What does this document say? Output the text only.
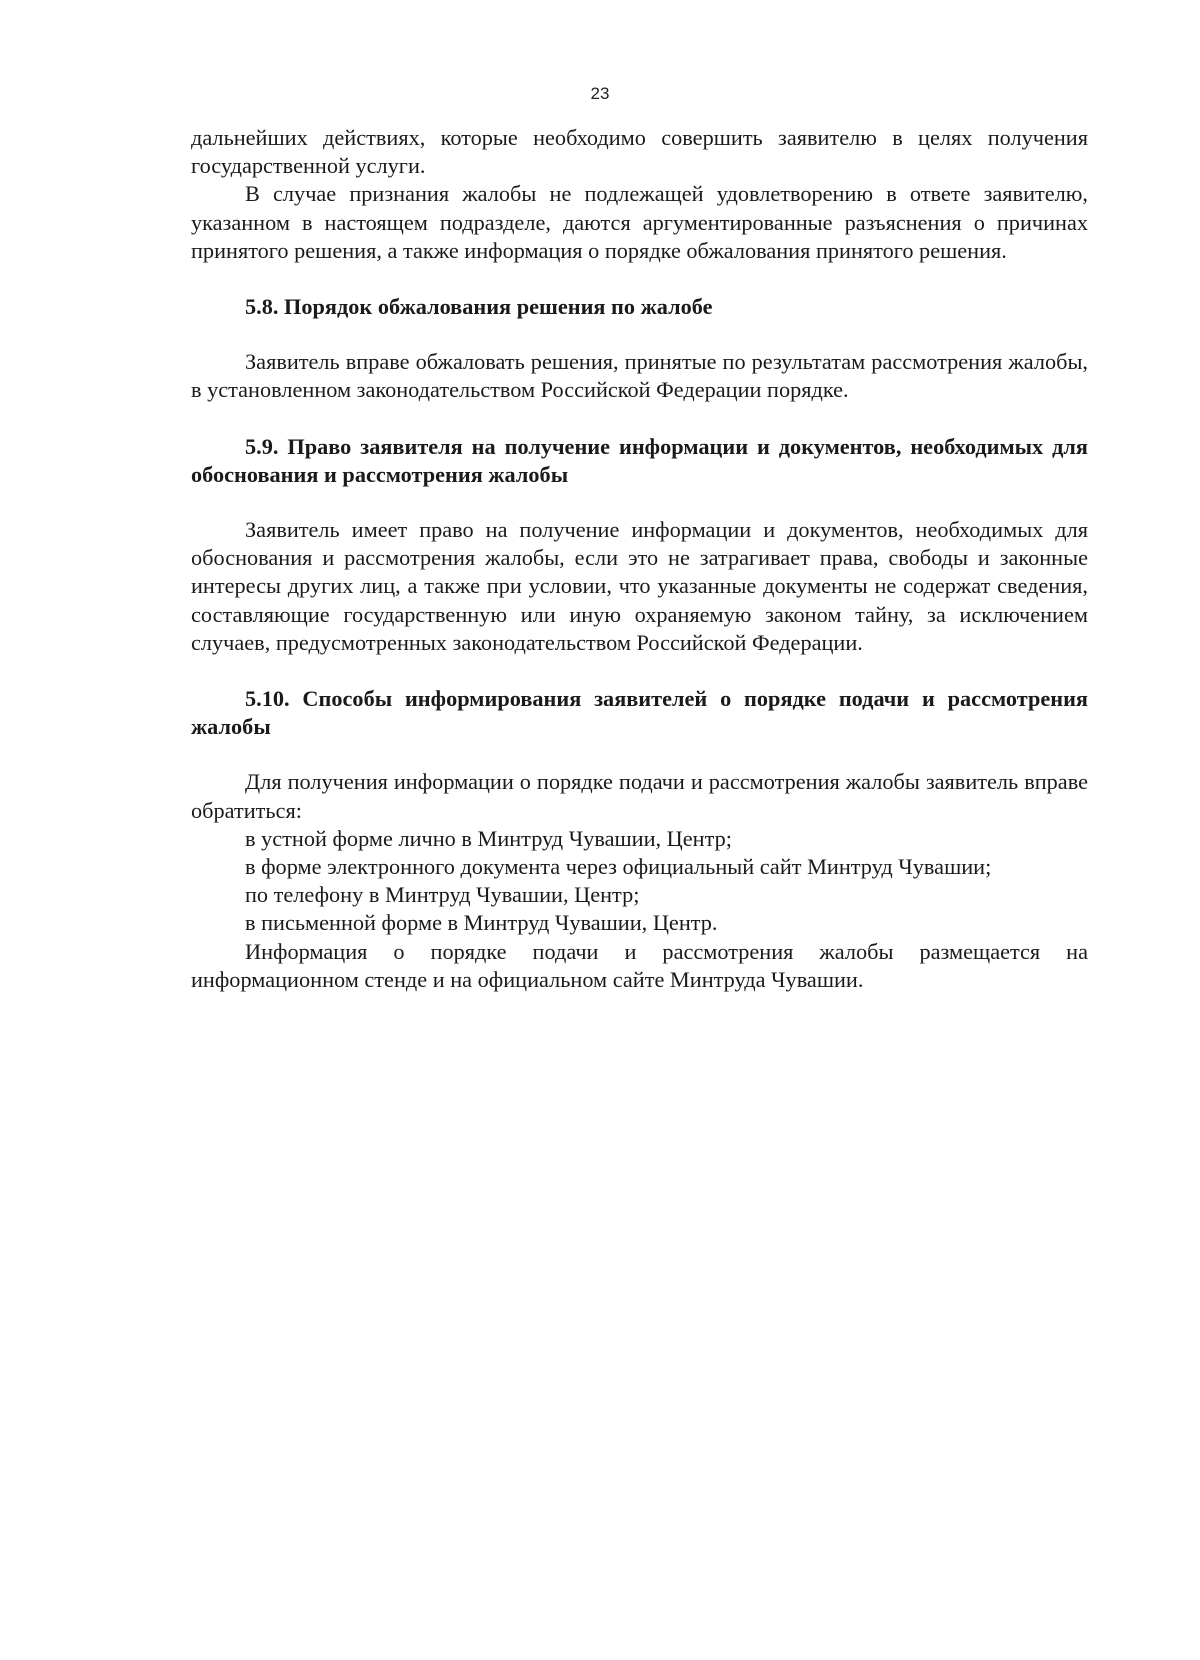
23

дальнейших действиях, которые необходимо совершить заявителю в целях получения государственной услуги.

В случае признания жалобы не подлежащей удовлетворению в ответе заявителю, указанном в настоящем подразделе, даются аргументированные разъяснения о причинах принятого решения, а также информация о порядке обжалования принятого решения.

5.8. Порядок обжалования решения по жалобе

Заявитель вправе обжаловать решения, принятые по результатам рассмотрения жалобы, в установленном законодательством Российской Федерации порядке.

5.9. Право заявителя на получение информации и документов, необходимых для обоснования и рассмотрения жалобы

Заявитель имеет право на получение информации и документов, необходимых для обоснования и рассмотрения жалобы, если это не затрагивает права, свободы и законные интересы других лиц, а также при условии, что указанные документы не содержат сведения, составляющие государственную или иную охраняемую законом тайну, за исключением случаев, предусмотренных законодательством Российской Федерации.

5.10. Способы информирования заявителей о порядке подачи и рассмотрения жалобы

Для получения информации о порядке подачи и рассмотрения жалобы заявитель вправе обратиться:

в устной форме лично в Минтруд Чувашии, Центр;

в форме электронного документа через официальный сайт Минтруд Чувашии;

по телефону в Минтруд Чувашии, Центр;

в письменной форме в Минтруд Чувашии, Центр.

Информация о порядке подачи и рассмотрения жалобы размещается на информационном стенде и на официальном сайте Минтруда Чувашии.
